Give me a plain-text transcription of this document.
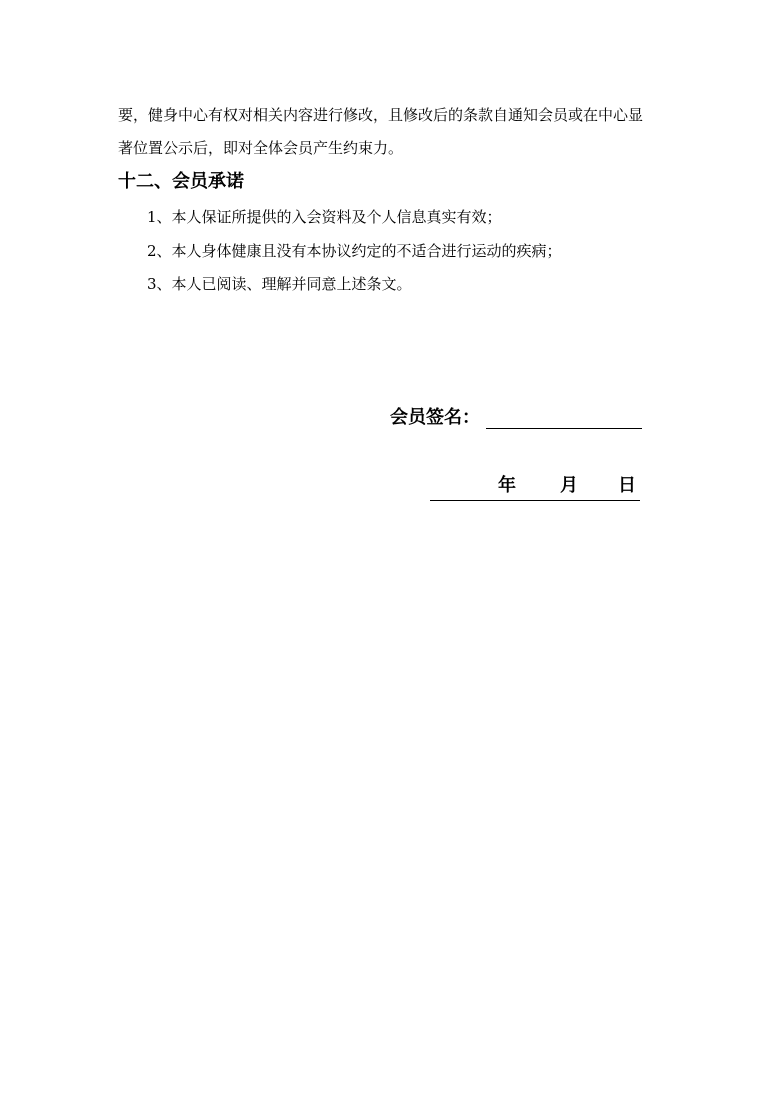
要，健身中心有权对相关内容进行修改，且修改后的条款自通知会员或在中心显
著位置公示后，即对全体会员产生约束力。
十二、会员承诺
1、本人保证所提供的入会资料及个人信息真实有效；
2、本人身体健康且没有本协议约定的不适合进行运动的疾病；
3、本人已阅读、理解并同意上述条文。
会员签名：
年 月 日
